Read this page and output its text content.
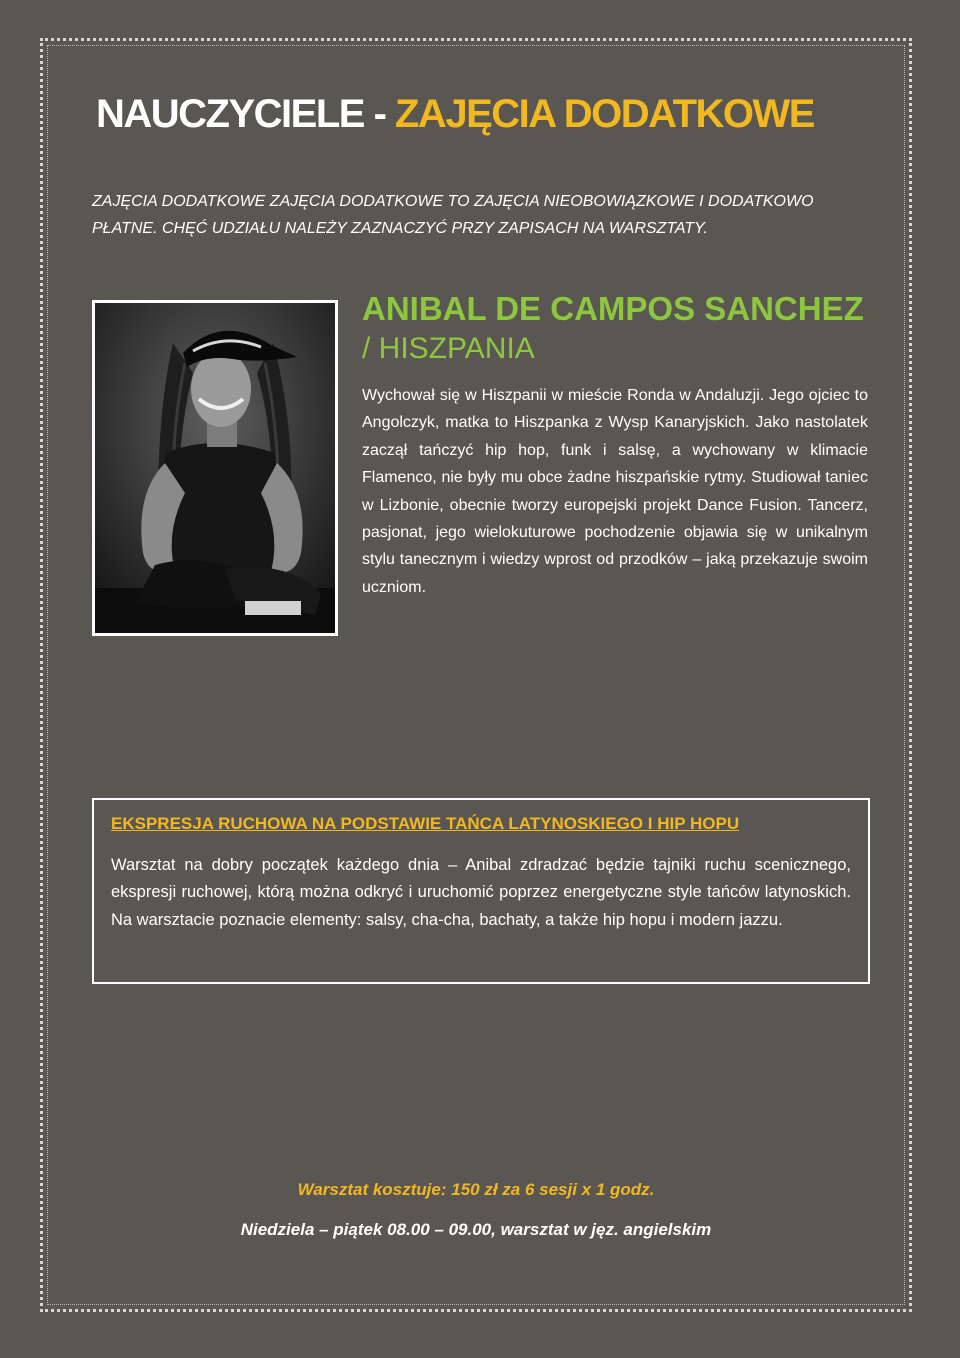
NAUCZYCIELE - ZAJĘCIA DODATKOWE
ZAJĘCIA DODATKOWE ZAJĘCIA DODATKOWE TO ZAJĘCIA NIEOBOWIĄZKOWE I DODATKOWO PŁATNE. CHĘĆ UDZIAŁU NALEŻY ZAZNACZYĆ PRZY ZAPISACH NA WARSZTATY.
ANIBAL DE CAMPOS SANCHEZ
/ HISZPANIA
Wychował się w Hiszpanii w mieście Ronda w Andaluzji. Jego ojciec to Angolczyk, matka to Hiszpanka z Wysp Kanaryjskich. Jako nastolatek zaczął tańczyć hip hop, funk i salsę, a wychowany w klimacie Flamenco, nie były mu obce żadne hiszpańskie rytmy. Studiował taniec w Lizbonie, obecnie tworzy europejski projekt Dance Fusion. Tancerz, pasjonat, jego wielokuturowe pochodzenie objawia się w unikalnym stylu tanecznym i wiedzy wprost od przodków – jaką przekazuje swoim uczniom.
EKSPRESJA RUCHOWA NA PODSTAWIE TAŃCA LATYNOSKIEGO I HIP HOPU
Warsztat na dobry początek każdego dnia – Anibal zdradzać będzie tajniki ruchu scenicznego, ekspresji ruchowej, którą można odkryć i uruchomić poprzez energetyczne style tańców latynoskich. Na warsztacie poznacie elementy: salsy, cha-cha, bachaty, a także hip hopu i modern jazzu.
Warsztat kosztuje: 150 zł za 6 sesji x 1 godz.
Niedziela – piątek 08.00 – 09.00, warsztat w jęz. angielskim
